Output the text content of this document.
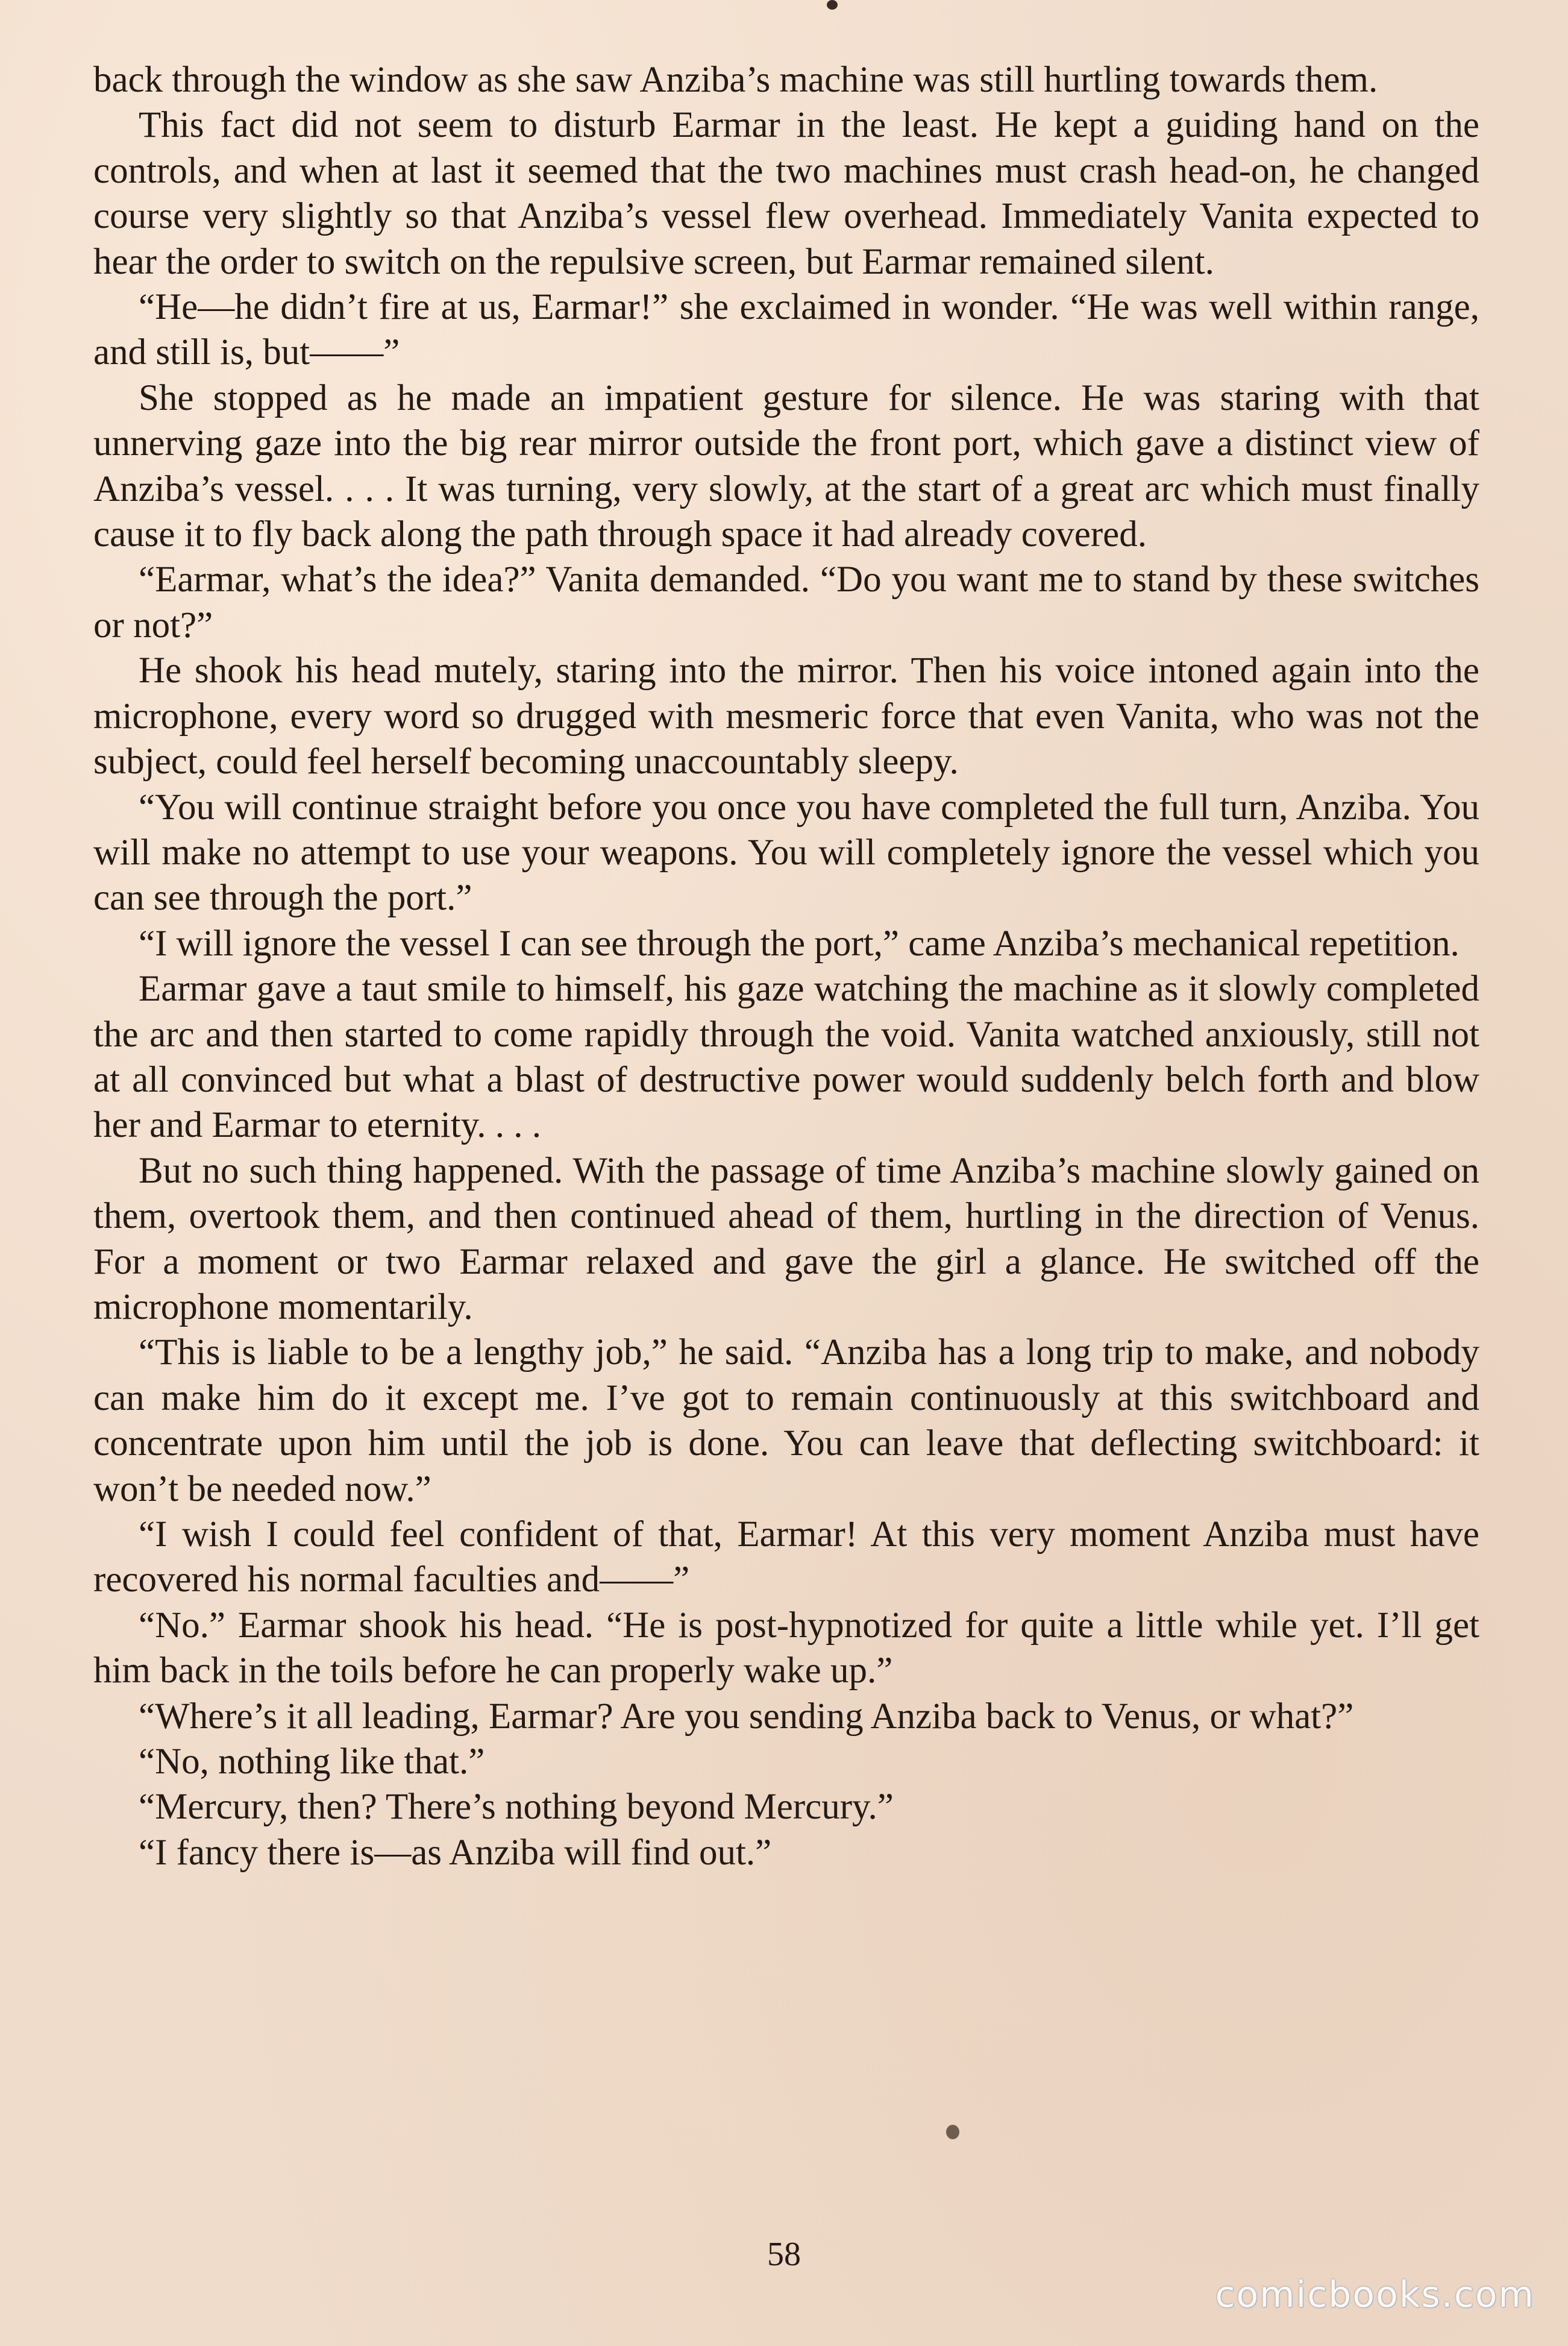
back through the window as she saw Anziba’s machine was still hurtling towards them.

This fact did not seem to disturb Earmar in the least. He kept a guiding hand on the controls, and when at last it seemed that the two machines must crash head-on, he changed course very slightly so that Anziba’s vessel flew overhead. Immediately Vanita expected to hear the order to switch on the repulsive screen, but Earmar remained silent.

“He—he didn’t fire at us, Earmar!” she exclaimed in wonder. “He was well within range, and still is, but——”

She stopped as he made an impatient gesture for silence. He was staring with that unnerving gaze into the big rear mirror outside the front port, which gave a distinct view of Anziba’s vessel. . . . It was turning, very slowly, at the start of a great arc which must finally cause it to fly back along the path through space it had already covered.

“Earmar, what’s the idea?” Vanita demanded. “Do you want me to stand by these switches or not?”

He shook his head mutely, staring into the mirror. Then his voice intoned again into the microphone, every word so drugged with mesmeric force that even Vanita, who was not the subject, could feel herself becoming unaccountably sleepy.

“You will continue straight before you once you have completed the full turn, Anziba. You will make no attempt to use your weapons. You will completely ignore the vessel which you can see through the port.”

“I will ignore the vessel I can see through the port,” came Anziba’s mechanical repetition.

Earmar gave a taut smile to himself, his gaze watching the machine as it slowly completed the arc and then started to come rapidly through the void. Vanita watched anxiously, still not at all convinced but what a blast of destructive power would suddenly belch forth and blow her and Earmar to eternity. . . .

But no such thing happened. With the passage of time Anziba’s machine slowly gained on them, overtook them, and then continued ahead of them, hurtling in the direction of Venus. For a moment or two Earmar relaxed and gave the girl a glance. He switched off the microphone momentarily.

“This is liable to be a lengthy job,” he said. “Anziba has a long trip to make, and nobody can make him do it except me. I’ve got to remain continuously at this switchboard and concentrate upon him until the job is done. You can leave that deflecting switchboard: it won’t be needed now.”

“I wish I could feel confident of that, Earmar! At this very moment Anziba must have recovered his normal faculties and——”

“No.” Earmar shook his head. “He is post-hypnotized for quite a little while yet. I’ll get him back in the toils before he can properly wake up.”

“Where’s it all leading, Earmar? Are you sending Anziba back to Venus, or what?”

“No, nothing like that.”

“Mercury, then? There’s nothing beyond Mercury.”

“I fancy there is—as Anziba will find out.”

58
comicbooks.com
